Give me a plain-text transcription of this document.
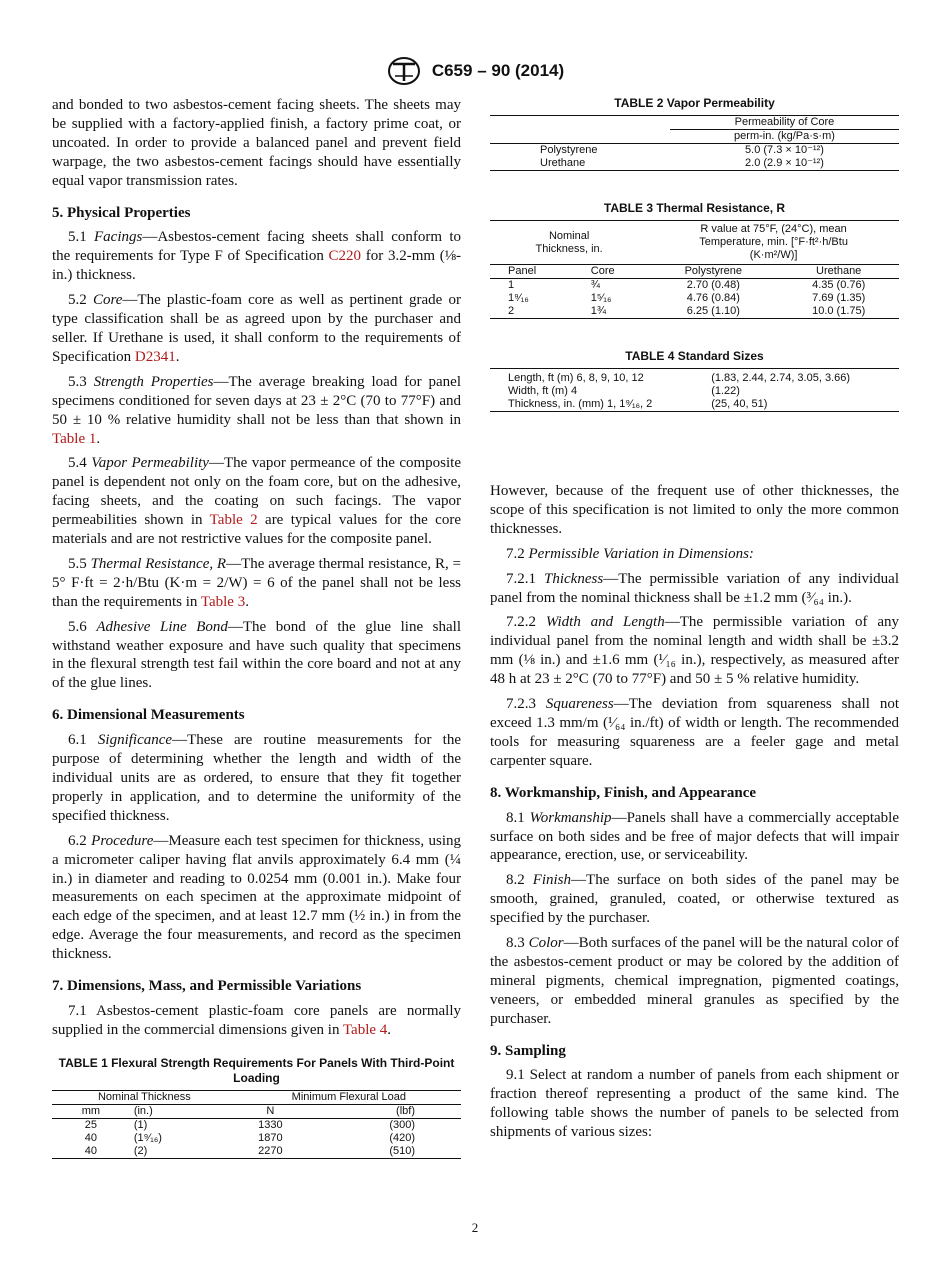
C659 – 90 (2014)

and bonded to two asbestos-cement facing sheets. The sheets may be supplied with a factory-applied finish, a factory prime coat, or uncoated. In order to provide a balanced panel and prevent field warpage, the two asbestos-cement facings should have essentially equal vapor transmission rates.

5. Physical Properties

5.1 Facings—Asbestos-cement facing sheets shall conform to the requirements for Type F of Specification C220 for 3.2-mm (⅛-in.) thickness.

5.2 Core—The plastic-foam core as well as pertinent grade or type classification shall be as agreed upon by the purchaser and seller. If Urethane is used, it shall conform to the requirements of Specification D2341.

5.3 Strength Properties—The average breaking load for panel specimens conditioned for seven days at 23 ± 2°C (70 to 77°F) and 50 ± 10 % relative humidity shall not be less than that shown in Table 1.

5.4 Vapor Permeability—The vapor permeance of the composite panel is dependent not only on the foam core, but on the adhesive, facing sheets, and the coating on such facings. The vapor permeabilities shown in Table 2 are typical values for the core materials and are not restrictive values for the composite panel.

5.5 Thermal Resistance, R—The average thermal resistance, R, = 5° F·ft = 2·h/Btu (K·m = 2/W) = 6 of the panel shall not be less than the requirements in Table 3.

5.6 Adhesive Line Bond—The bond of the glue line shall withstand weather exposure and have such quality that specimens in the flexural strength test fail within the core board and not at any of the glue lines.

6. Dimensional Measurements

6.1 Significance—These are routine measurements for the purpose of determining whether the length and width of the individual units are as ordered, to ensure that they fit together properly in application, and to determine the uniformity of the specified thickness.

6.2 Procedure—Measure each test specimen for thickness, using a micrometer caliper having flat anvils approximately 6.4 mm (¼ in.) in diameter and reading to 0.0254 mm (0.001 in.). Make four measurements on each specimen at the approximate midpoint of each edge of the specimen, and at least 12.7 mm (½ in.) in from the edge. Average the four measurements, and record as the specimen thickness.

7. Dimensions, Mass, and Permissible Variations

7.1 Asbestos-cement plastic-foam core panels are normally supplied in the commercial dimensions given in Table 4.

TABLE 1 Flexural Strength Requirements For Panels With Third-Point Loading
Nominal Thickness		Minimum Flexural Load	
mm	(in.)	N	(lbf)
25	(1)	1330	(300)
40	(1⁹⁄₁₆)	1870	(420)
40	(2)	2270	(510)
TABLE 2 Vapor Permeability
	Permeability of Core
	perm-in. (kg/Pa·s·m)
Polystyrene	5.0 (7.3 × 10⁻¹²)
Urethane	2.0 (2.9 × 10⁻¹²)
TABLE 3 Thermal Resistance, R
Nominal Thickness, in.		R value at 75°F, (24°C), mean Temperature, min. [°F·ft²·h/Btu (K·m²/W)]	
Panel	Core	Polystyrene	Urethane
1	¾	2.70 (0.48)	4.35 (0.76)
1⁹⁄₁₆	1⁵⁄₁₆	4.76 (0.84)	7.69 (1.35)
2	1¾	6.25 (1.10)	10.0 (1.75)
TABLE 4 Standard Sizes
Length, ft (m) 6, 8, 9, 10, 12	(1.83, 2.44, 2.74, 3.05, 3.66)
Width, ft (m) 4	(1.22)
Thickness, in. (mm) 1, 1⁹⁄₁₆, 2	(25, 40, 51)

However, because of the frequent use of other thicknesses, the scope of this specification is not limited to only the more common thicknesses.

7.2 Permissible Variation in Dimensions:

7.2.1 Thickness—The permissible variation of any individual panel from the nominal thickness shall be ±1.2 mm (³⁄₆₄ in.).

7.2.2 Width and Length—The permissible variation of any individual panel from the nominal length and width shall be ±3.2 mm (⅛ in.) and ±1.6 mm (¹⁄₁₆ in.), respectively, as measured after 48 h at 23 ± 2°C (70 to 77°F) and 50 ± 5 % relative humidity.

7.2.3 Squareness—The deviation from squareness shall not exceed 1.3 mm/m (¹⁄₆₄ in./ft) of width or length. The recommended tools for measuring squareness are a feeler gage and metal carpenter square.

8. Workmanship, Finish, and Appearance

8.1 Workmanship—Panels shall have a commercially acceptable surface on both sides and be free of major defects that will impair appearance, erection, use, or serviceability.

8.2 Finish—The surface on both sides of the panel may be smooth, grained, granuled, coated, or otherwise textured as specified by the purchaser.

8.3 Color—Both surfaces of the panel will be the natural color of the asbestos-cement product or may be colored by the addition of mineral pigments, chemical impregnation, pigmented coatings, veneers, or embedded mineral granules as specified by the purchaser.

9. Sampling

9.1 Select at random a number of panels from each shipment or fraction thereof representing a product of the same kind. The following table shows the number of panels to be selected from shipments of various sizes:

2
